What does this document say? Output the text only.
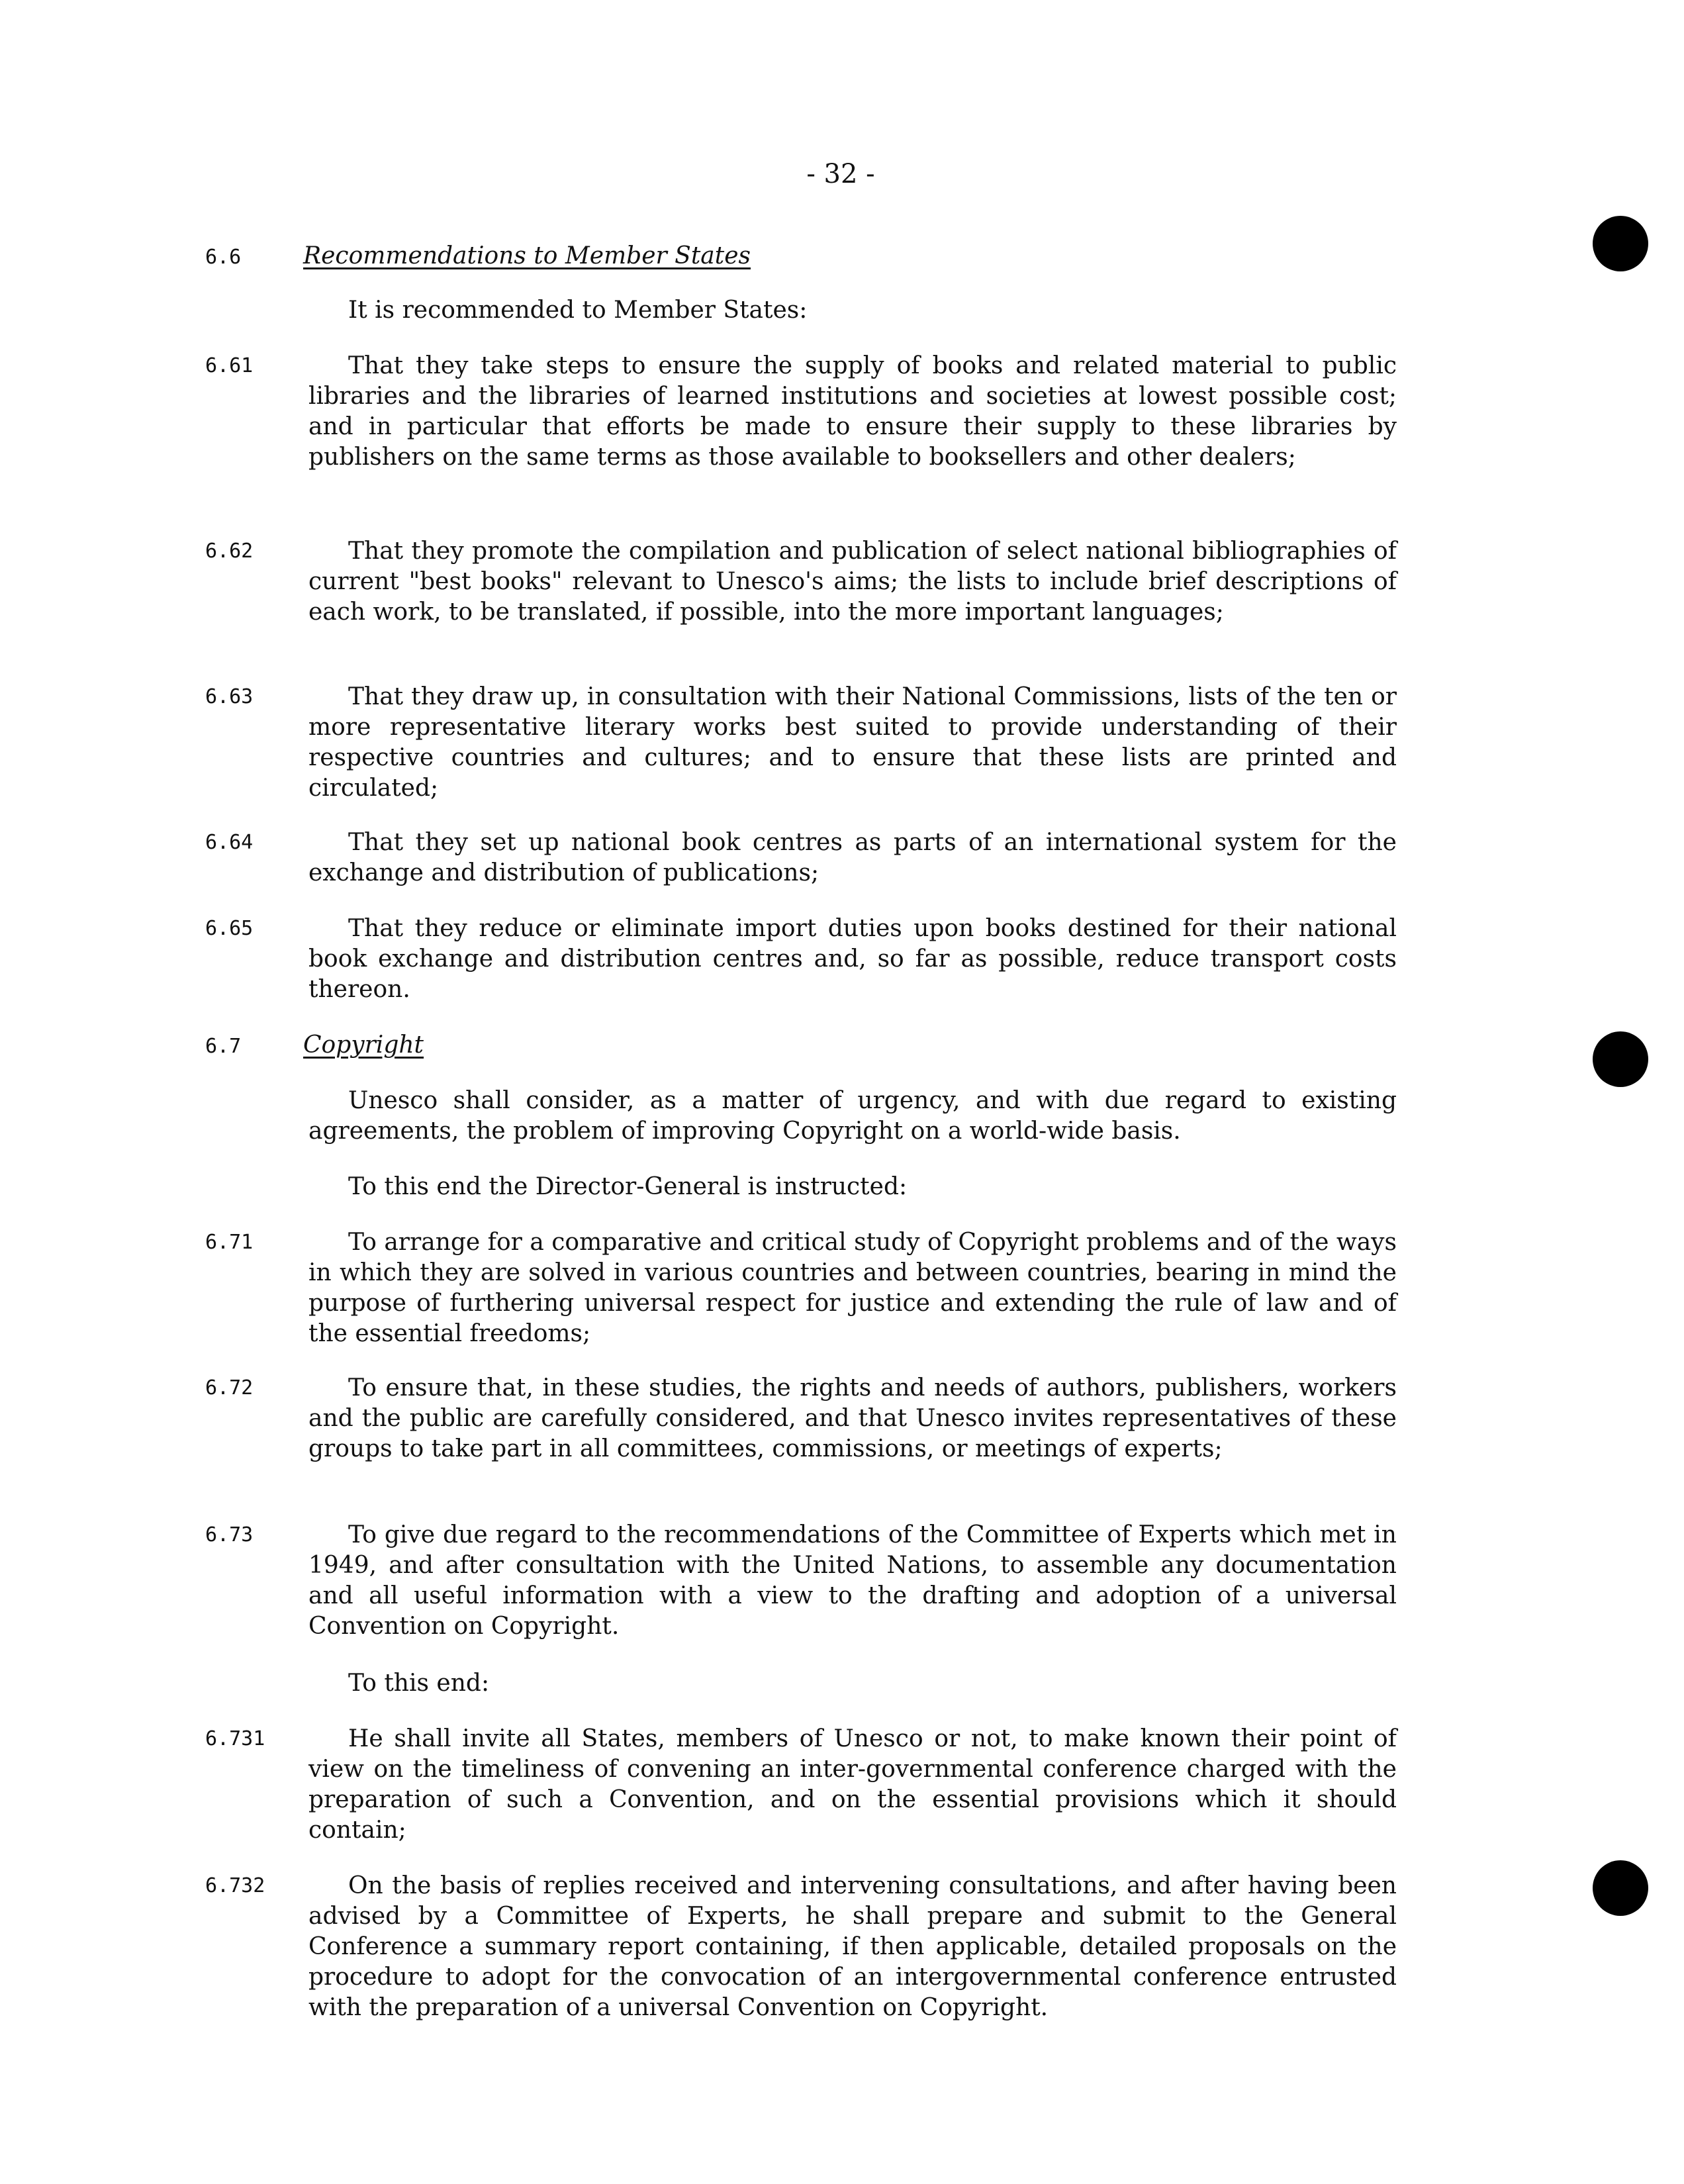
- 32 -
6.6	Recommendations to Member States
It is recommended to Member States:
6.61	That they take steps to ensure the supply of books and related material to public libraries and the libraries of learned institutions and societies at lowest possible cost; and in particular that efforts be made to ensure their supply to these libraries by publishers on the same terms as those available to booksellers and other dealers;
6.62	That they promote the compilation and publication of select national bibliographies of current "best books" relevant to Unesco's aims; the lists to include brief descriptions of each work, to be translated, if possible, into the more important languages;
6.63	That they draw up, in consultation with their National Commissions, lists of the ten or more representative literary works best suited to provide understanding of their respective countries and cultures; and to ensure that these lists are printed and circulated;
6.64	That they set up national book centres as parts of an international system for the exchange and distribution of publications;
6.65	That they reduce or eliminate import duties upon books destined for their national book exchange and distribution centres and, so far as possible, reduce transport costs thereon.
6.7	Copyright
Unesco shall consider, as a matter of urgency, and with due regard to existing agreements, the problem of improving Copyright on a world-wide basis.
To this end the Director-General is instructed:
6.71	To arrange for a comparative and critical study of Copyright problems and of the ways in which they are solved in various countries and between countries, bearing in mind the purpose of furthering universal respect for justice and extending the rule of law and of the essential freedoms;
6.72	To ensure that, in these studies, the rights and needs of authors, publishers, workers and the public are carefully considered, and that Unesco invites representatives of these groups to take part in all committees, commissions, or meetings of experts;
6.73	To give due regard to the recommendations of the Committee of Experts which met in 1949, and after consultation with the United Nations, to assemble any documentation and all useful information with a view to the drafting and adoption of a universal Convention on Copyright.
To this end:
6.731	He shall invite all States, members of Unesco or not, to make known their point of view on the timeliness of convening an inter-governmental conference charged with the preparation of such a Convention, and on the essential provisions which it should contain;
6.732	On the basis of replies received and intervening consultations, and after having been advised by a Committee of Experts, he shall prepare and submit to the General Conference a summary report containing, if then applicable, detailed proposals on the procedure to adopt for the convocation of an intergovernmental conference entrusted with the preparation of a universal Convention on Copyright.
